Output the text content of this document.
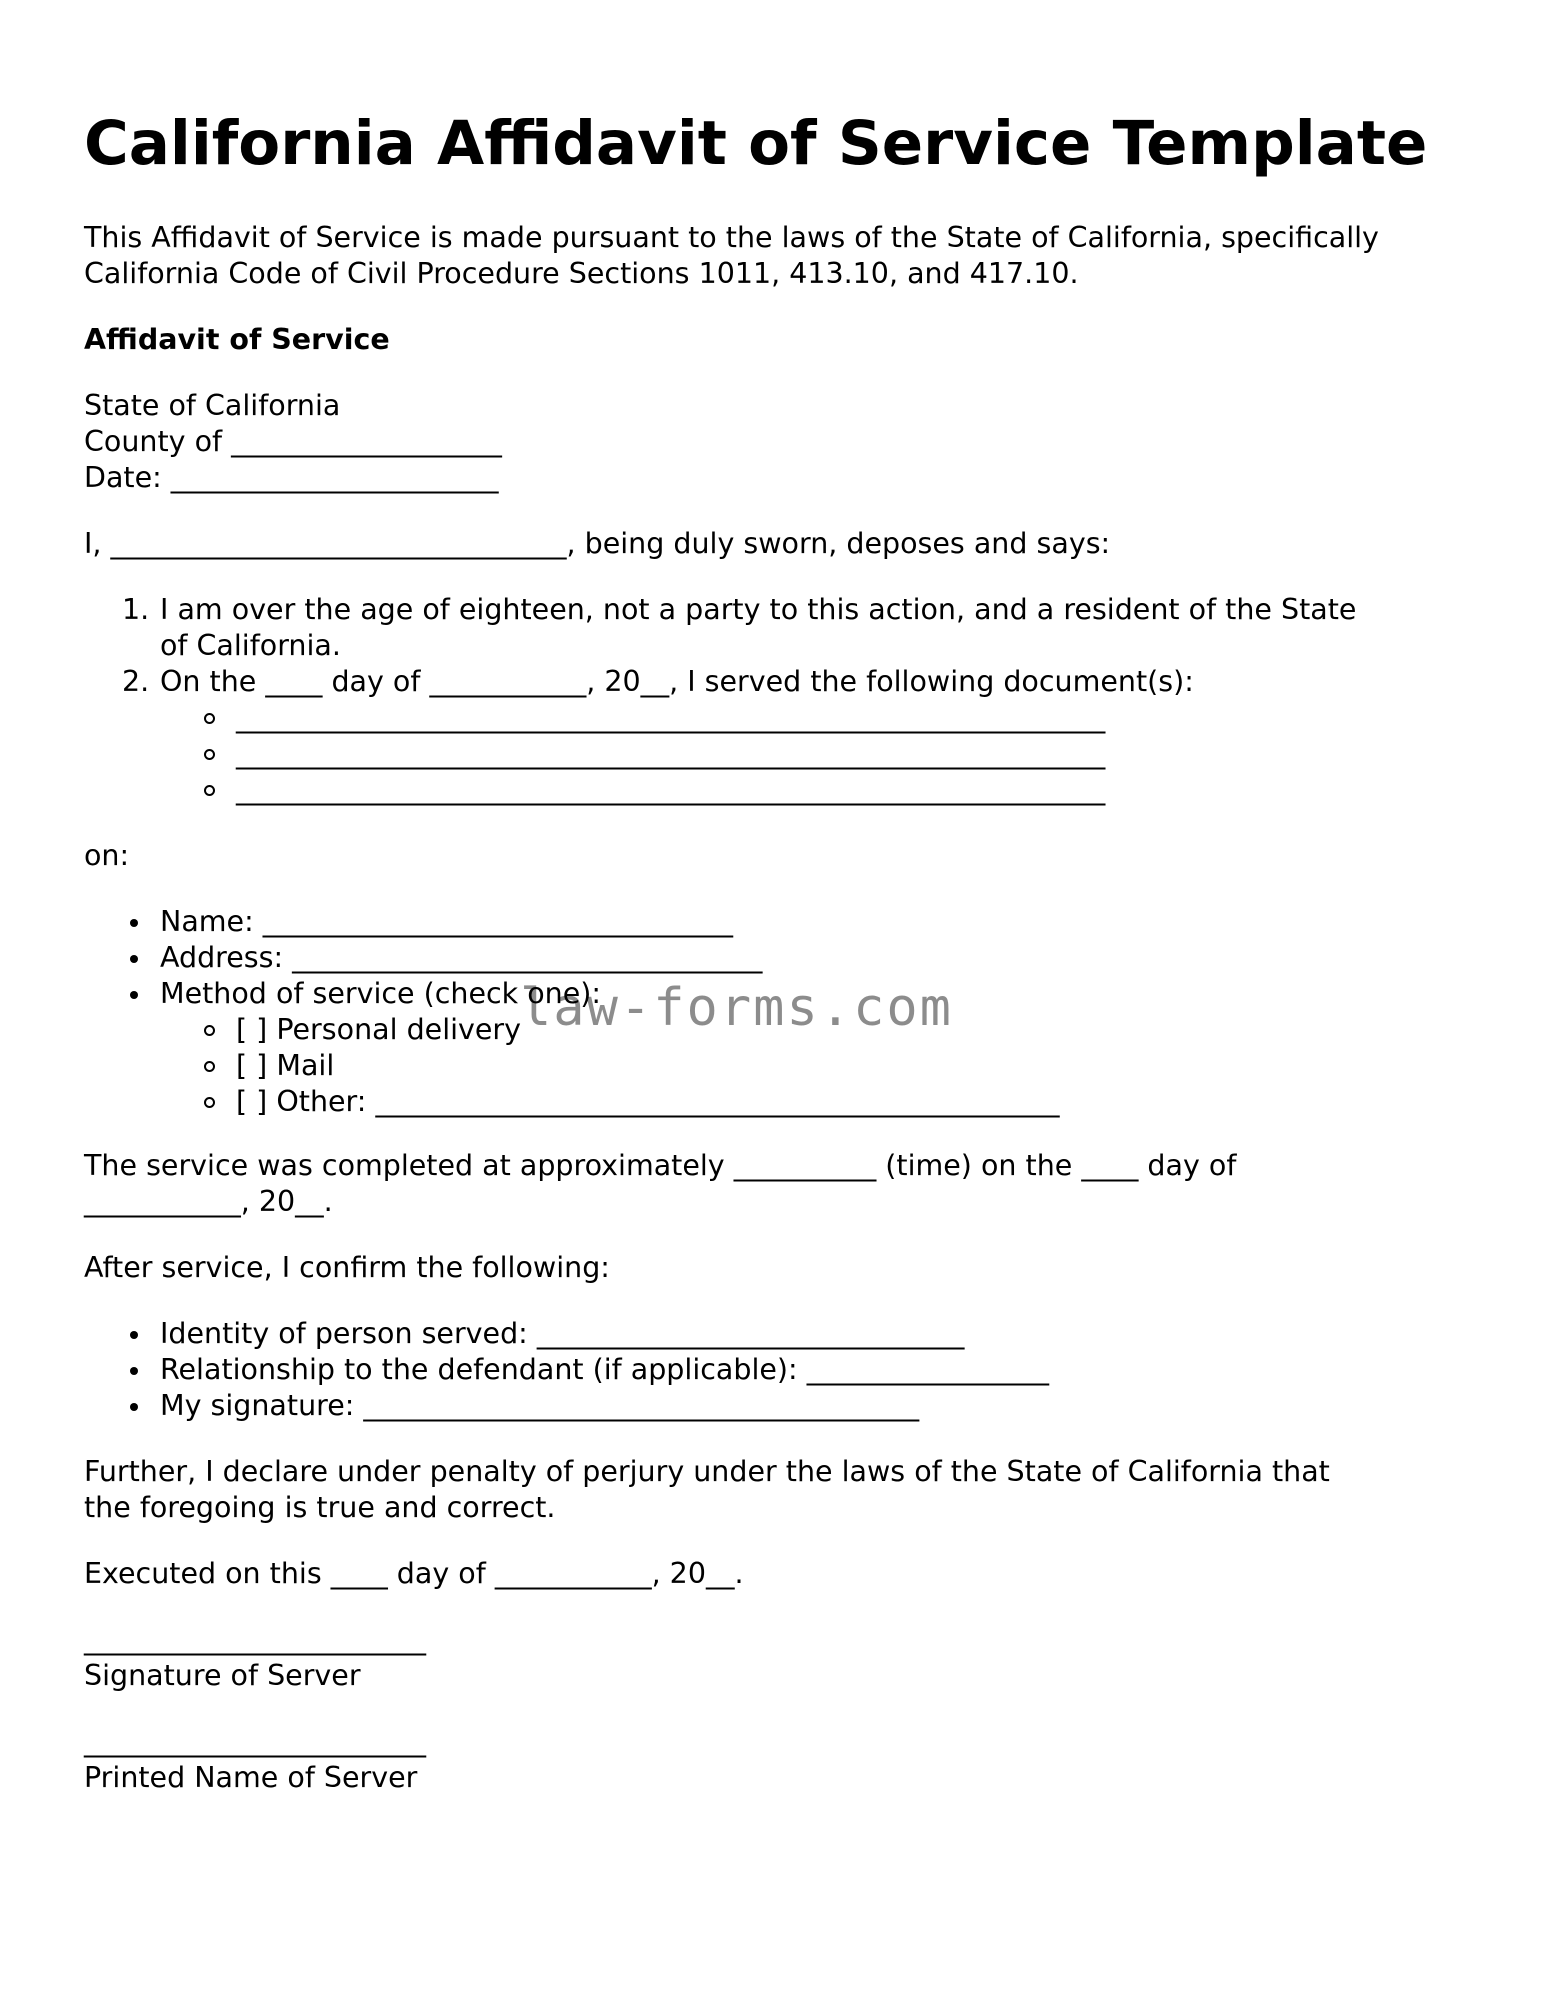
California Affidavit of Service Template
This Affidavit of Service is made pursuant to the laws of the State of California, specifically
California Code of Civil Procedure Sections 1011, 413.10, and 417.10.
Affidavit of Service
State of California
County of ___________________
Date: _______________________
I, ________________________________, being duly sworn, deposes and says:
1. I am over the age of eighteen, not a party to this action, and a resident of the State
of California.
2. On the ____ day of ___________, 20__, I served the following document(s):
_____________________________________________________________
_____________________________________________________________
_____________________________________________________________
on:
Name: _________________________________
Address: _________________________________
Method of service (check one):
[ ] Personal delivery
[ ] Mail
[ ] Other: ________________________________________________
The service was completed at approximately __________ (time) on the ____ day of
___________, 20__.
After service, I confirm the following:
Identity of person served: ______________________________
Relationship to the defendant (if applicable): _________________
My signature: _______________________________________
Further, I declare under penalty of perjury under the laws of the State of California that
the foregoing is true and correct.
Executed on this ____ day of ___________, 20__.
________________________
Signature of Server
________________________
Printed Name of Server
law-forms.com
